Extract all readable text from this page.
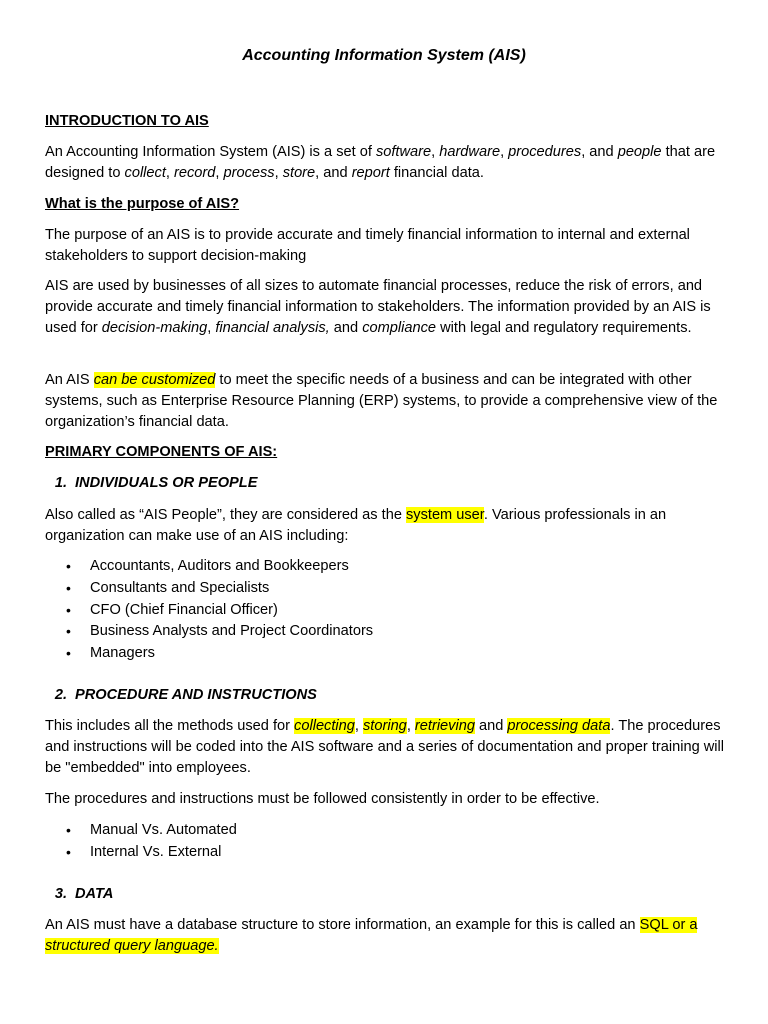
Accounting Information System (AIS)
INTRODUCTION TO AIS
An Accounting Information System (AIS) is a set of software, hardware, procedures, and people that are designed to collect, record, process, store, and report financial data.
What is the purpose of AIS?
The purpose of an AIS is to provide accurate and timely financial information to internal and external stakeholders to support decision-making
AIS are used by businesses of all sizes to automate financial processes, reduce the risk of errors, and provide accurate and timely financial information to stakeholders. The information provided by an AIS is used for decision-making, financial analysis, and compliance with legal and regulatory requirements.
An AIS can be customized to meet the specific needs of a business and can be integrated with other systems, such as Enterprise Resource Planning (ERP) systems, to provide a comprehensive view of the organization’s financial data.
PRIMARY COMPONENTS OF AIS:
1. INDIVIDUALS OR PEOPLE
Also called as “AIS People”, they are considered as the system user. Various professionals in an organization can make use of an AIS including:
• Accountants, Auditors and Bookkeepers
• Consultants and Specialists
• CFO (Chief Financial Officer)
• Business Analysts and Project Coordinators
• Managers
2. PROCEDURE AND INSTRUCTIONS
This includes all the methods used for collecting, storing, retrieving and processing data. The procedures and instructions will be coded into the AIS software and a series of documentation and proper training will be "embedded" into employees.
The procedures and instructions must be followed consistently in order to be effective.
• Manual Vs. Automated
• Internal Vs. External
3. DATA
An AIS must have a database structure to store information, an example for this is called an SQL or a structured query language.
